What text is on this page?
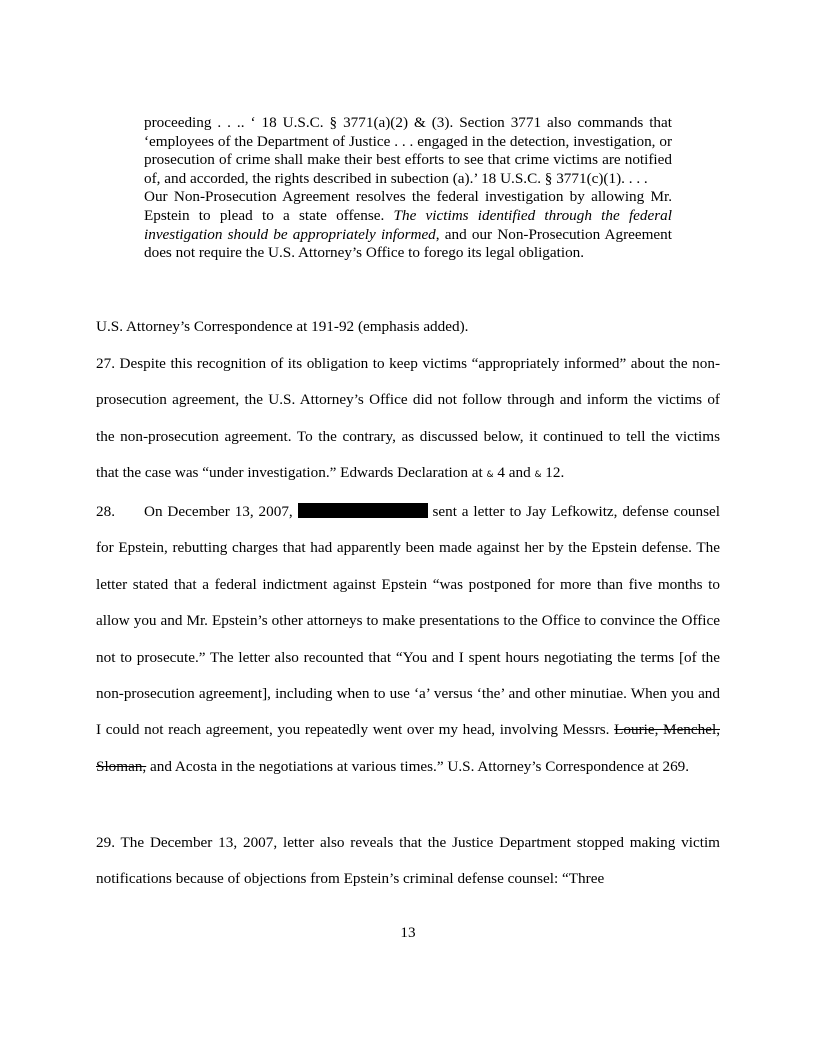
proceeding . . .. ‘ 18 U.S.C. § 3771(a)(2) & (3). Section 3771 also commands that ‘employees of the Department of Justice . . . engaged in the detection, investigation, or prosecution of crime shall make their best efforts to see that crime victims are notified of, and accorded, the rights described in subection (a).’ 18 U.S.C. § 3771(c)(1). . . .

Our Non-Prosecution Agreement resolves the federal investigation by allowing Mr. Epstein to plead to a state offense. The victims identified through the federal investigation should be appropriately informed, and our Non-Prosecution Agreement does not require the U.S. Attorney’s Office to forego its legal obligation.

U.S. Attorney’s Correspondence at 191-92 (emphasis added).

27. Despite this recognition of its obligation to keep victims “appropriately informed” about the non-prosecution agreement, the U.S. Attorney’s Office did not follow through and inform the victims of the non-prosecution agreement. To the contrary, as discussed below, it continued to tell the victims that the case was “under investigation.” Edwards Declaration at & 4 and & 12.

28. On December 13, 2007,	sent a letter to Jay Lefkowitz, defense counsel for Epstein, rebutting charges that had apparently been made against her by the Epstein defense. The letter stated that a federal indictment against Epstein “was postponed for more than five months to allow you and Mr. Epstein’s other attorneys to make presentations to the Office to convince the Office not to prosecute.” The letter also recounted that “You and I spent hours negotiating the terms [of the non-prosecution agreement], including when to use ‘a’ versus ‘the’ and other minutiae. When you and I could not reach agreement, you repeatedly went over my head, involving Messrs. Lourie, Menchel, Sloman, and Acosta in the negotiations at various times.” U.S. Attorney’s Correspondence at 269.

29. The December 13, 2007, letter also reveals that the Justice Department stopped making victim notifications because of objections from Epstein’s criminal defense counsel: “Three

13
